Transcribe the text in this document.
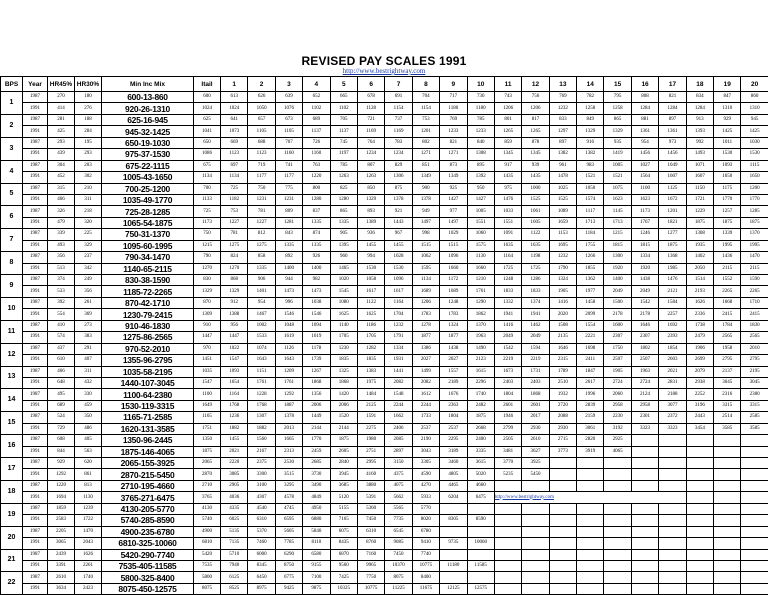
REVISED PAY SCALES 1991
http://www.bestrightway.com
BPS	Year	HR45%	HR30%	Min Inc Mix	Itail	1	2	3	4	5	6	7	8	9	10	11	12	13	14	15	16	17	18	19	20
1	1987	270	180	600-13-860	600	613	626	639	652	665	678	691	704	717	730	743	756	769	782	795	808	821	834	847	860
	1991	414	276	920-26-1310	1024	1024	1050	1076	1102	1102	1128	1154	1154	1180	1180	1206	1206	1232	1258	1258	1284	1284	1284	1310	1310
2	1987	281	188	625-16-945	625	641	657	673	689	705	721	737	753	769	785	801	817	833	849	865	881	897	913	929	945
	1991	425	284	945-32-1425	1041	1073	1105	1105	1137	1137	1169	1169	1201	1233	1233	1265	1265	1297	1329	1329	1361	1361	1393	1425	1425
3	1987	293	195	650-19-1030	650	669	688	707	726	745	764	783	802	821	840	859	878	897	916	935	954	973	992	1011	1030
	1991	439	293	975-37-1530	1086	1123	1123	1160	1160	1197	1234	1234	1271	1271	1308	1345	1345	1382	1382	1419	1456	1456	1493	1530	1530
4	1987	304	203	675-22-1115	675	697	719	741	763	785	807	829	851	873	895	917	939	961	983	1005	1027	1049	1071	1093	1115
	1991	452	302	1005-43-1650	1134	1134	1177	1177	1220	1263	1263	1306	1349	1349	1392	1435	1435	1478	1521	1521	1564	1607	1607	1650	1650
5	1987	315	210	700-25-1200	700	725	750	775	800	825	850	875	900	925	950	975	1000	1025	1050	1075	1100	1125	1150	1175	1200
	1991	466	311	1035-49-1770	1133	1182	1231	1231	1280	1280	1329	1378	1378	1427	1427	1476	1525	1525	1574	1623	1623	1672	1721	1770	1770
6	1987	326	218	725-28-1285	725	753	781	809	837	865	893	921	949	977	1005	1033	1061	1089	1117	1145	1173	1201	1229	1257	1285
	1991	479	320	1065-54-1875	1173	1227	1227	1281	1335	1335	1389	1443	1497	1497	1551	1551	1605	1659	1713	1713	1767	1821	1875	1875	1875
7	1987	339	225	750-31-1370	750	781	812	843	874	905	936	967	998	1029	1060	1091	1122	1153	1184	1215	1246	1277	1308	1339	1370
	1991	493	329	1095-60-1995	1215	1275	1275	1335	1335	1395	1455	1455	1515	1515	1575	1635	1635	1695	1755	1815	1815	1875	1935	1995	1995
8	1987	356	237	790-34-1470	790	824	858	892	926	960	994	1028	1062	1096	1130	1164	1198	1232	1266	1300	1334	1368	1402	1436	1470
	1991	513	342	1140-65-2115	1270	1270	1335	1400	1400	1465	1530	1530	1595	1660	1660	1725	1725	1790	1855	1920	1920	1985	2050	2115	2115
9	1987	374	249	830-38-1590	830	868	906	944	982	1020	1058	1096	1134	1172	1210	1248	1286	1324	1362	1400	1438	1476	1514	1552	1590
	1991	533	356	1185-72-2265	1329	1329	1401	1473	1473	1545	1617	1617	1689	1689	1761	1833	1833	1905	1977	2049	2049	2121	2193	2265	2265
10	1987	392	261	870-42-1710	870	912	954	996	1038	1080	1122	1164	1206	1248	1290	1332	1374	1416	1458	1500	1542	1584	1626	1668	1710
	1991	554	369	1230-79-2415	1309	1388	1467	1546	1546	1625	1625	1704	1783	1783	1862	1941	1941	2020	2099	2178	2178	2257	2336	2415	2415
11	1987	410	273	910-46-1830	910	956	1002	1048	1094	1140	1186	1232	1278	1324	1370	1416	1462	1508	1554	1600	1646	1692	1738	1784	1830
	1991	574	383	1275-86-2565	1447	1447	1533	1619	1619	1705	1705	1791	1877	1877	1963	2049	2049	2135	2221	2307	2307	2393	2479	2565	2565
12	1987	437	291	970-52-2010	970	1022	1074	1126	1178	1230	1282	1334	1386	1438	1490	1542	1594	1646	1698	1750	1802	1854	1906	1958	2010
	1991	610	407	1355-96-2795	1451	1547	1643	1643	1739	1835	1835	1931	2027	2027	2123	2219	2219	2315	2411	2507	2507	2603	2699	2795	2795
13	1987	466	311	1035-58-2195	1035	1093	1151	1209	1267	1325	1383	1441	1499	1557	1615	1673	1731	1789	1847	1905	1963	2021	2079	2137	2195
	1991	648	432	1440-107-3045	1547	1654	1761	1761	1868	1868	1975	2082	2082	2189	2296	2403	2403	2510	2617	2724	2724	2831	2938	3045	3045
14	1987	495	330	1100-64-2380	1100	1164	1228	1292	1356	1420	1484	1548	1612	1676	1740	1804	1868	1932	1996	2060	2124	2188	2252	2316	2380
	1991	689	459	1530-119-3315	1649	1768	1768	1887	2006	2006	2125	2244	2244	2363	2482	2601	2601	2720	2839	2958	2958	3077	3196	3315	3315
15	1987	524	350	1165-71-2585	1165	1236	1307	1378	1449	1520	1591	1662	1733	1804	1875	1946	2017	2088	2159	2230	2301	2372	2443	2514	2585
	1991	729	486	1620-131-3585	1751	1882	1882	2013	2144	2144	2275	2406	2537	2537	2668	2799	2930	2930	3061	3192	3323	3323	3454	3585	3585
16	1987	608	405	1350-96-2445	1350	1455	1560	1665	1770	1875	1980	2085	2190	2295	2400	2505	2610	2715	2820	2925					
	1991	844	563	1875-146-4065	1875	2021	2167	2313	2459	2605	2751	2897	3043	3189	3335	3481	3627	3773	3919	4065					
17	1987	929	620	2065-155-3925	2065	2220	2375	2530	2685	2840	2995	3150	3305	3460	3615	3770	3925								
	1991	1292	861	2870-215-5450	2870	3085	3300	3515	3730	3945	4160	4375	4590	4805	5020	5235	5450								
18	1987	1220	813	2710-195-4660	2710	2905	3100	3295	3490	3685	3880	4075	4270	4465	4660										
	1991	1694	1130	3765-271-6475	3765	4036	4307	4578	4849	5120	5391	5662	5933	6204	6475	http://www.bestrightway.com									
19	1987	1859	1239	4130-205-5770	4130	4335	4540	4745	4950	5155	5360	5565	5770												
	1991	2583	1722	5740-285-8590	5740	6025	6310	6595	6880	7165	7450	7735	8020	8305	8590										
20	1987	2205	1470	4900-235-6780	4900	5135	5370	5605	5840	6075	6310	6545	6780												
	1991	3065	2043	6810-325-10060	6810	7135	7460	7785	8110	8435	8760	9085	9410	9735	10060										
21	1987	2439	1626	5420-290-7740	5420	5710	6000	6290	6580	6870	7160	7450	7740												
	1991	3391	2261	7535-405-11585	7535	7940	8345	8750	9155	9560	9965	10370	10775	11180	11585										
22	1987	2610	1740	5800-325-8400	5800	6125	6450	6775	7100	7425	7750	8075	8400												
	1991	3634	2423	8075-450-12575	8075	8525	8975	9425	9875	10325	10775	11225	11675	12125	12575										
